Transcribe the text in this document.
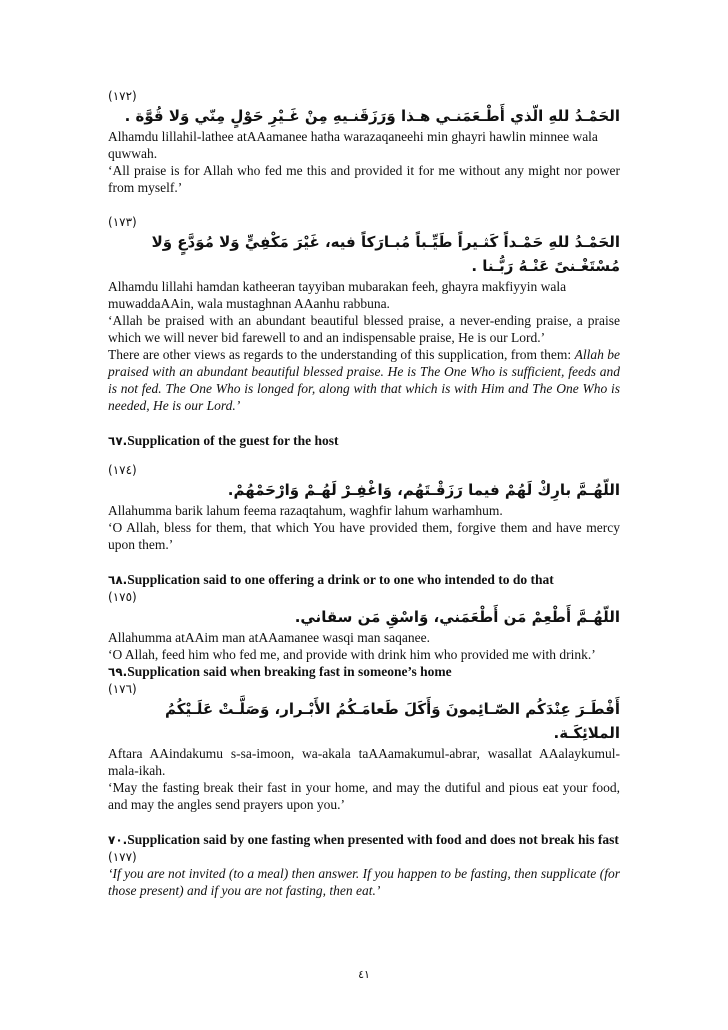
(١٧٢)
الحَمْـدُ للهِ الّذي أَطْـعَمَنـي هـذا وَرَزَقَنـيهِ مِنْ غَـيْرِ حَوْلٍ مِنّي وَلا قُوَّة .
Alhamdu lillahil-lathee atAAamanee hatha warazaqaneehi min ghayri hawlin minnee wala quwwah.
‘All praise is for Allah who fed me this and provided it for me without any might nor power from myself.’
(١٧٣)
الحَمْـدُ للهِ حَمْـداً كَثـيراً طَيِّـباً مُبـارَكاً فيه، غَيْرَ مَكْفِيٍّ وَلا مُوَدَّعٍ وَلا مُسْتَغْـنىً عَنْـهُ رَبُّـنا .
Alhamdu lillahi hamdan katheeran tayyiban mubarakan feeh, ghayra makfiyyin wala muwaddaAAin, wala mustaghnan AAanhu rabbuna.
‘Allah be praised with an abundant beautiful blessed praise, a never-ending praise, a praise which we will never bid farewell to and an indispensable praise, He is our Lord.’
There are other views as regards to the understanding of this supplication, from them: Allah be praised with an abundant beautiful blessed praise. He is The One Who is sufficient, feeds and is not fed. The One Who is longed for, along with that which is with Him and The One Who is needed, He is our Lord.’
٦٧.Supplication of the guest for the host
(١٧٤)
اللّهُـمَّ بارِكْ لَهُمْ فيما رَزَقْـتَهُم، وَاغْفِـرْ لَهُـمْ وَارْحَمْهُمْ.
Allahumma barik lahum feema razaqtahum, waghfir lahum warhamhum.
‘O Allah, bless for them, that which You have provided them, forgive them and have mercy upon them.’
٦٨.Supplication said to one offering a drink or to one who intended to do that
(١٧٥)
اللّهُـمَّ أَطْعِمْ مَن أَطْعَمَني، وَاسْقِ مَن سقاني.
Allahumma atAAim man atAAamanee wasqi man saqanee.
‘O Allah, feed him who fed me, and provide with drink him who provided me with drink.’
٦٩.Supplication said when breaking fast in someone’s home
(١٧٦)
أَفْطَـرَ عِنْدَكُم الصّـائِمونَ وَأَكَلَ طَعامَـكُمُ الأَبْـرار، وَصَلَّـتْ عَلَـيْكُمُ الملائِكَـة.
Aftara AAindakumu s-sa-imoon, wa-akala taAAamakumul-abrar, wasallat AAalaykumul-mala-ikah.
‘May the fasting break their fast in your home, and may the dutiful and pious eat your food, and may the angles send prayers upon you.’
٧٠.Supplication said by one fasting when presented with food and does not break his fast
(١٧٧)
‘If you are not invited (to a meal) then answer. If you happen to be fasting, then supplicate (for those present) and if you are not fasting, then eat.’
٤١
